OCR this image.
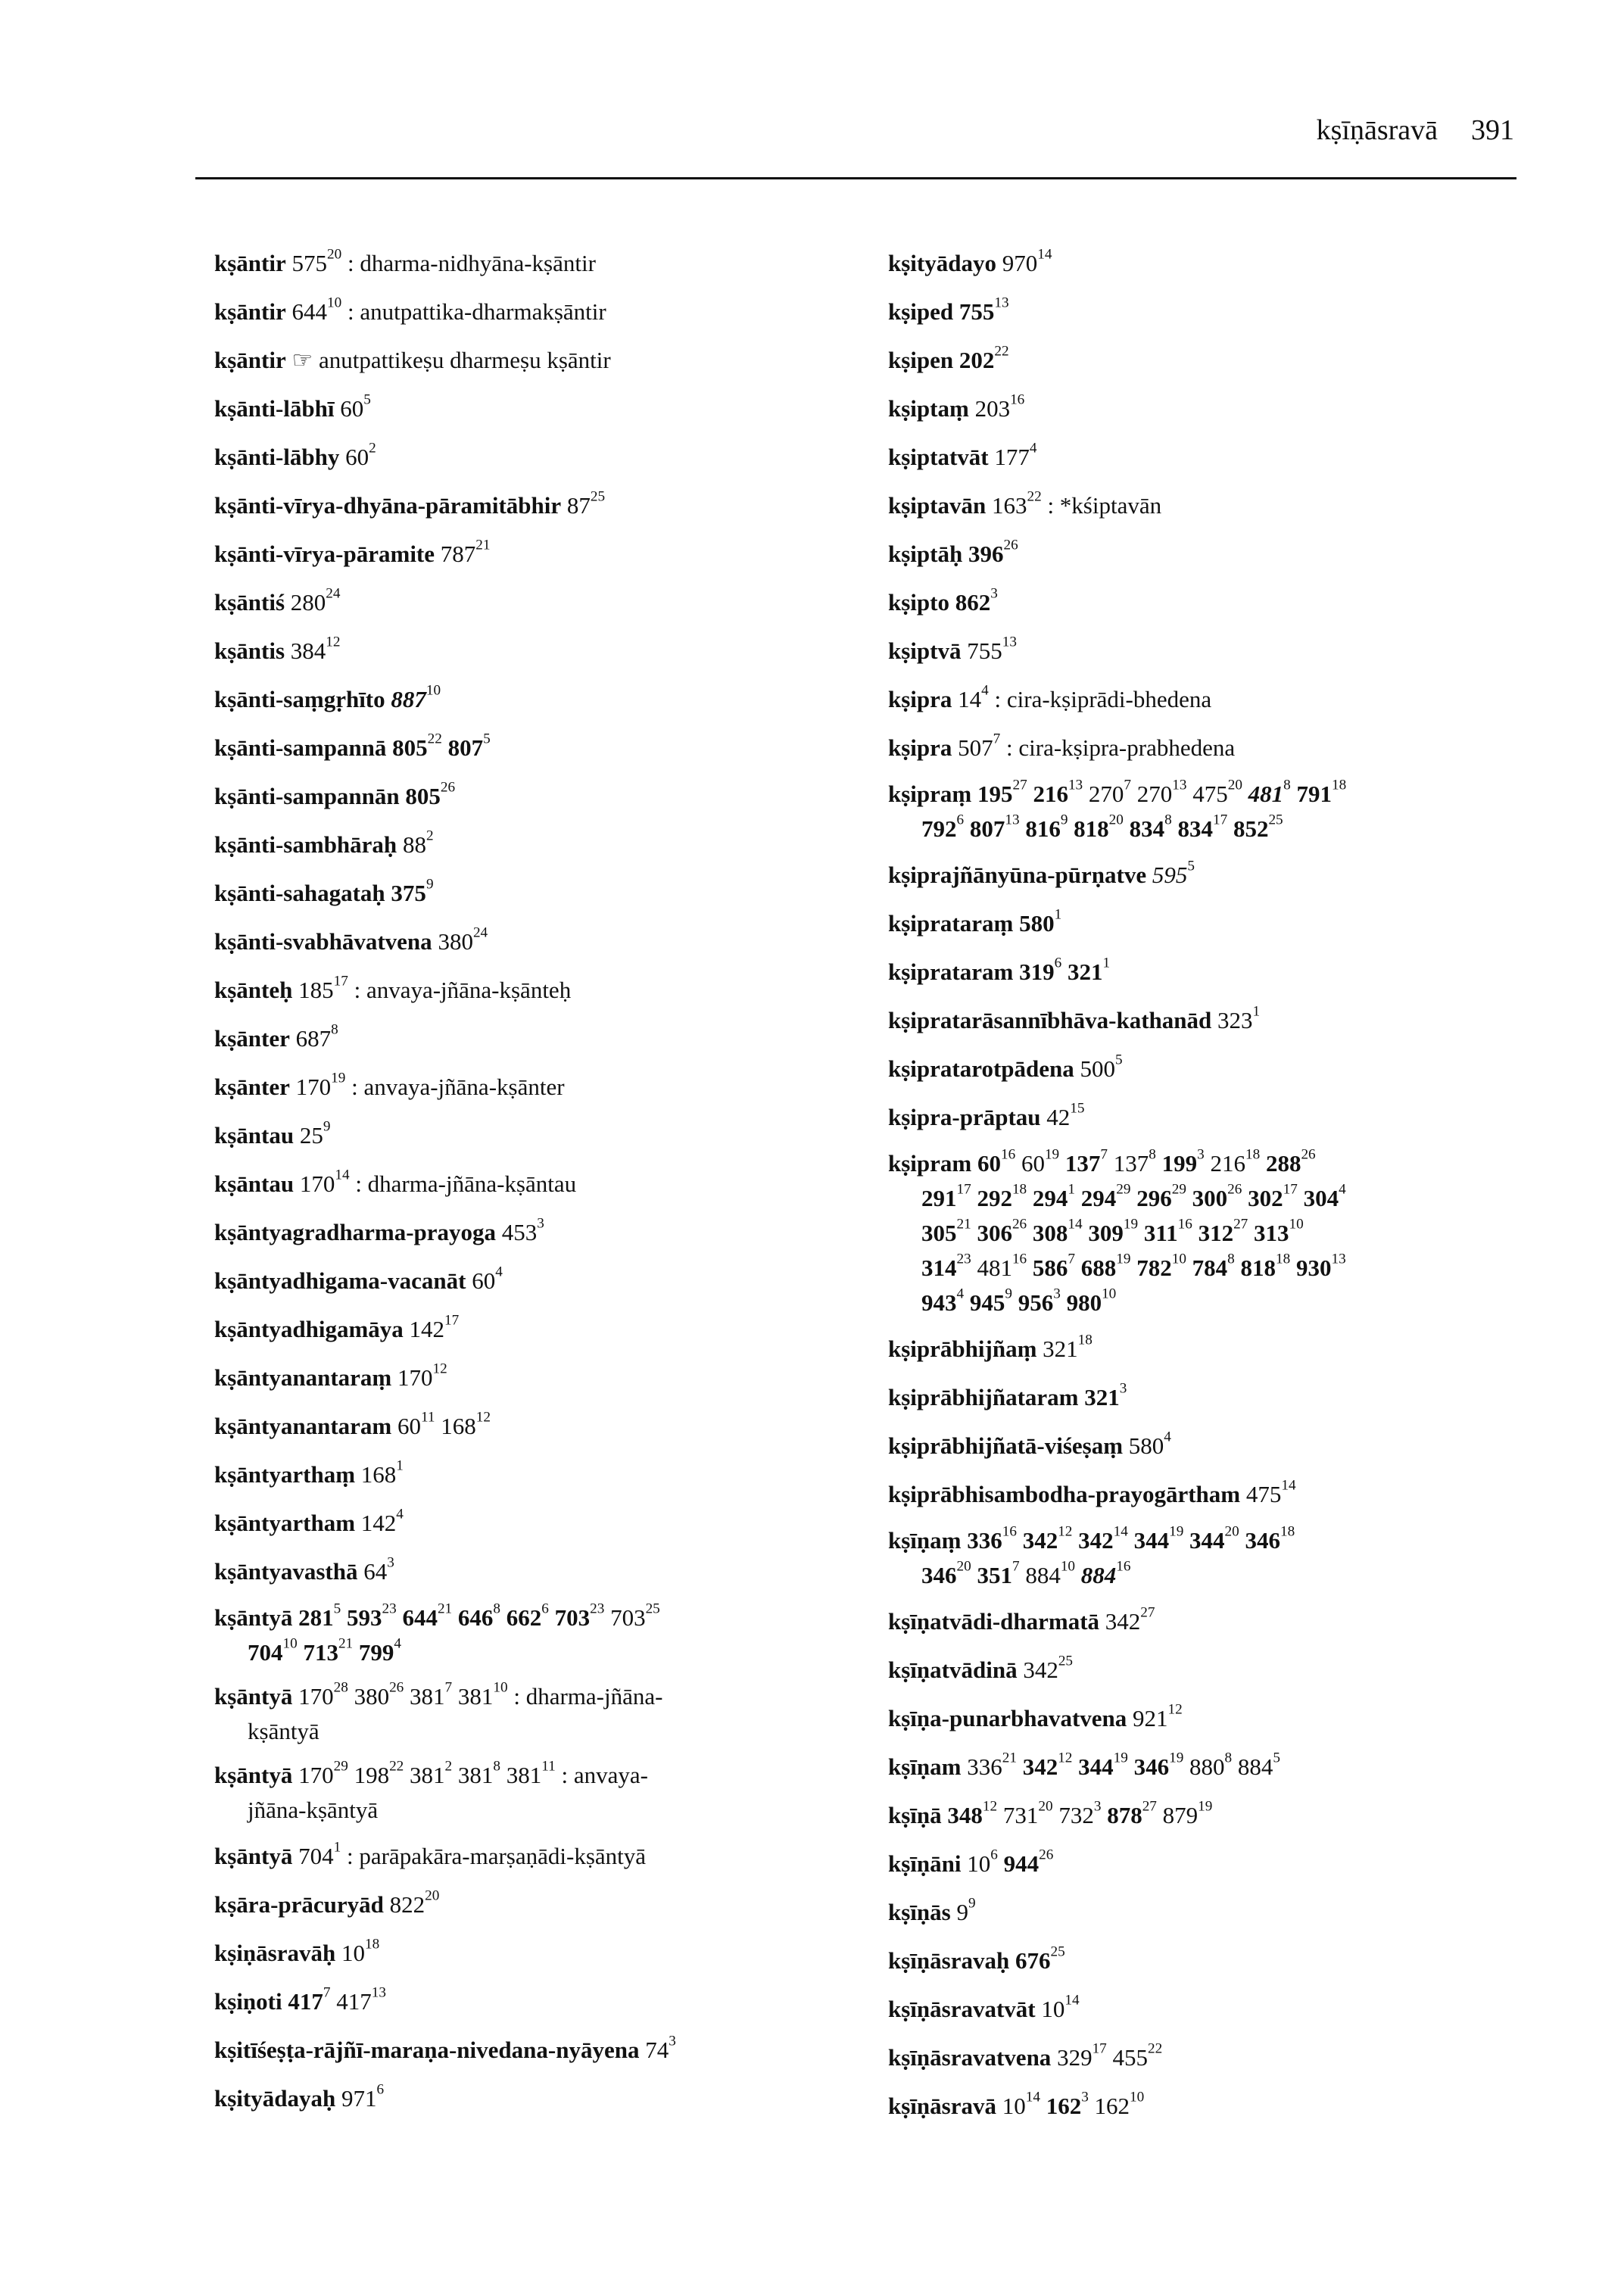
kṣīṇāsravā 391
kṣāntir $575^{20}$ : dharma-nidhyāna-kṣāntir
kṣāntir $644^{10}$ : anutpattika-dharmakṣāntir
kṣāntir ☞ anutpattikeṣu dharmeṣu kṣāntir
kṣānti-lābhī $60^5$
kṣānti-lābhy $60^2$
kṣānti-vīrya-dhyāna-pāramitābhir $87^{25}$
kṣānti-vīrya-pāramite $787^{21}$
kṣāntiś $280^{24}$
kṣāntis $384^{12}$
kṣānti-saṃgṛhīto $887^{10}$
kṣānti-sampannā $805^{22}$ $807^5$
kṣānti-sampannān $805^{26}$
kṣānti-sambhāraḥ $88^2$
kṣānti-sahagataḥ $375^9$
kṣānti-svabhāvatvena $380^{24}$
kṣānteḥ $185^{17}$ : anvaya-jñāna-kṣānteḥ
kṣānter $687^8$
kṣānter $170^{19}$ : anvaya-jñāna-kṣānter
kṣāntau $25^9$
kṣāntau $170^{14}$ : dharma-jñāna-kṣāntau
kṣāntyagradharma-prayoga $453^3$
kṣāntyadhigama-vacanāt $60^4$
kṣāntyadhigamāya $142^{17}$
kṣāntyanantaraṃ $170^{12}$
kṣāntyanantaram $60^{11}$ $168^{12}$
kṣāntyarthaṃ $168^1$
kṣāntyartham $142^4$
kṣāntyavasthā $64^3$
kṣāntyā $281^5$ $593^{23}$ $644^{21}$ $646^8$ $662^6$ $703^{23}$ $703^{25}$
$704^{10}$ $713^{21}$ $799^4$
kṣāntyā $170^{28}$ $380^{26}$ $381^7$ $381^{10}$ : dharma-jñāna-
kṣāntyā
kṣāntyā $170^{29}$ $198^{22}$ $381^2$ $381^8$ $381^{11}$ : anvaya-
jñāna-kṣāntyā
kṣāntyā $704^1$ : parāpakāra-marṣaṇādi-kṣāntyā
kṣāra-prācuryād $822^{20}$
kṣiṇāsravāḥ $10^{18}$
kṣiṇoti $417^7$ $417^{13}$
kṣitīśeṣṭa-rājñī-maraṇa-nivedana-nyāyena $74^3$
kṣityādayaḥ $971^6$
kṣityādayo $970^{14}$
kṣiped $755^{13}$
kṣipen $202^{22}$
kṣiptaṃ $203^{16}$
kṣiptatvāt $177^4$
kṣiptavān $163^{22}$ : *kśiptavān
kṣiptāḥ $396^{26}$
kṣipto $862^3$
kṣiptvā $755^{13}$
kṣipra $14^4$ : cira-kṣiprādi-bhedena
kṣipra $507^7$ : cira-kṣipra-prabhedena
kṣipraṃ $195^{27}$ $216^{13}$ $270^7$ $270^{13}$ $475^{20}$ $481^8$ $791^{18}$
$792^6$ $807^{13}$ $816^9$ $818^{20}$ $834^8$ $834^{17}$ $852^{25}$
kṣiprajñānyūna-pūrṇatve $595^5$
kṣiprataraṃ $580^1$
kṣiprataram $319^6$ $321^1$
kṣipratarāsannībhāva-kathanād $323^1$
kṣipratarotpādena $500^5$
kṣipra-prāptau $42^{15}$
kṣipram $60^{16}$ $60^{19}$ $137^7$ $137^8$ $199^3$ $216^{18}$ $288^{26}$
$291^{17}$ $292^{18}$ $294^1$ $294^{29}$ $296^{29}$ $300^{26}$ $302^{17}$ $304^4$
$305^{21}$ $306^{26}$ $308^{14}$ $309^{19}$ $311^{16}$ $312^{27}$ $313^{10}$
$314^{23}$ $481^{16}$ $586^7$ $688^{19}$ $782^{10}$ $784^8$ $818^{18}$ $930^{13}$
$943^4$ $945^9$ $956^3$ $980^{10}$
kṣiprābhijñaṃ $321^{18}$
kṣiprābhijñataram $321^3$
kṣiprābhijñatā-viśeṣaṃ $580^4$
kṣiprābhisambodha-prayogārtham $475^{14}$
kṣīṇaṃ $336^{16}$ $342^{12}$ $342^{14}$ $344^{19}$ $344^{20}$ $346^{18}$
$346^{20}$ $351^7$ $884^{10}$ $884^{16}$
kṣīṇatvādi-dharmatā $342^{27}$
kṣīṇatvādinā $342^{25}$
kṣīṇa-punarbhavatvena $921^{12}$
kṣīṇam $336^{21}$ $342^{12}$ $344^{19}$ $346^{19}$ $880^8$ $884^5$
kṣīṇā $348^{12}$ $731^{20}$ $732^3$ $878^{27}$ $879^{19}$
kṣīṇāni $10^6$ $944^{26}$
kṣīṇās $9^9$
kṣīṇāsravaḥ $676^{25}$
kṣīṇāsravatvāt $10^{14}$
kṣīṇāsravatvena $329^{17}$ $455^{22}$
kṣīṇāsravā $10^{14}$ $162^3$ $162^{10}$
